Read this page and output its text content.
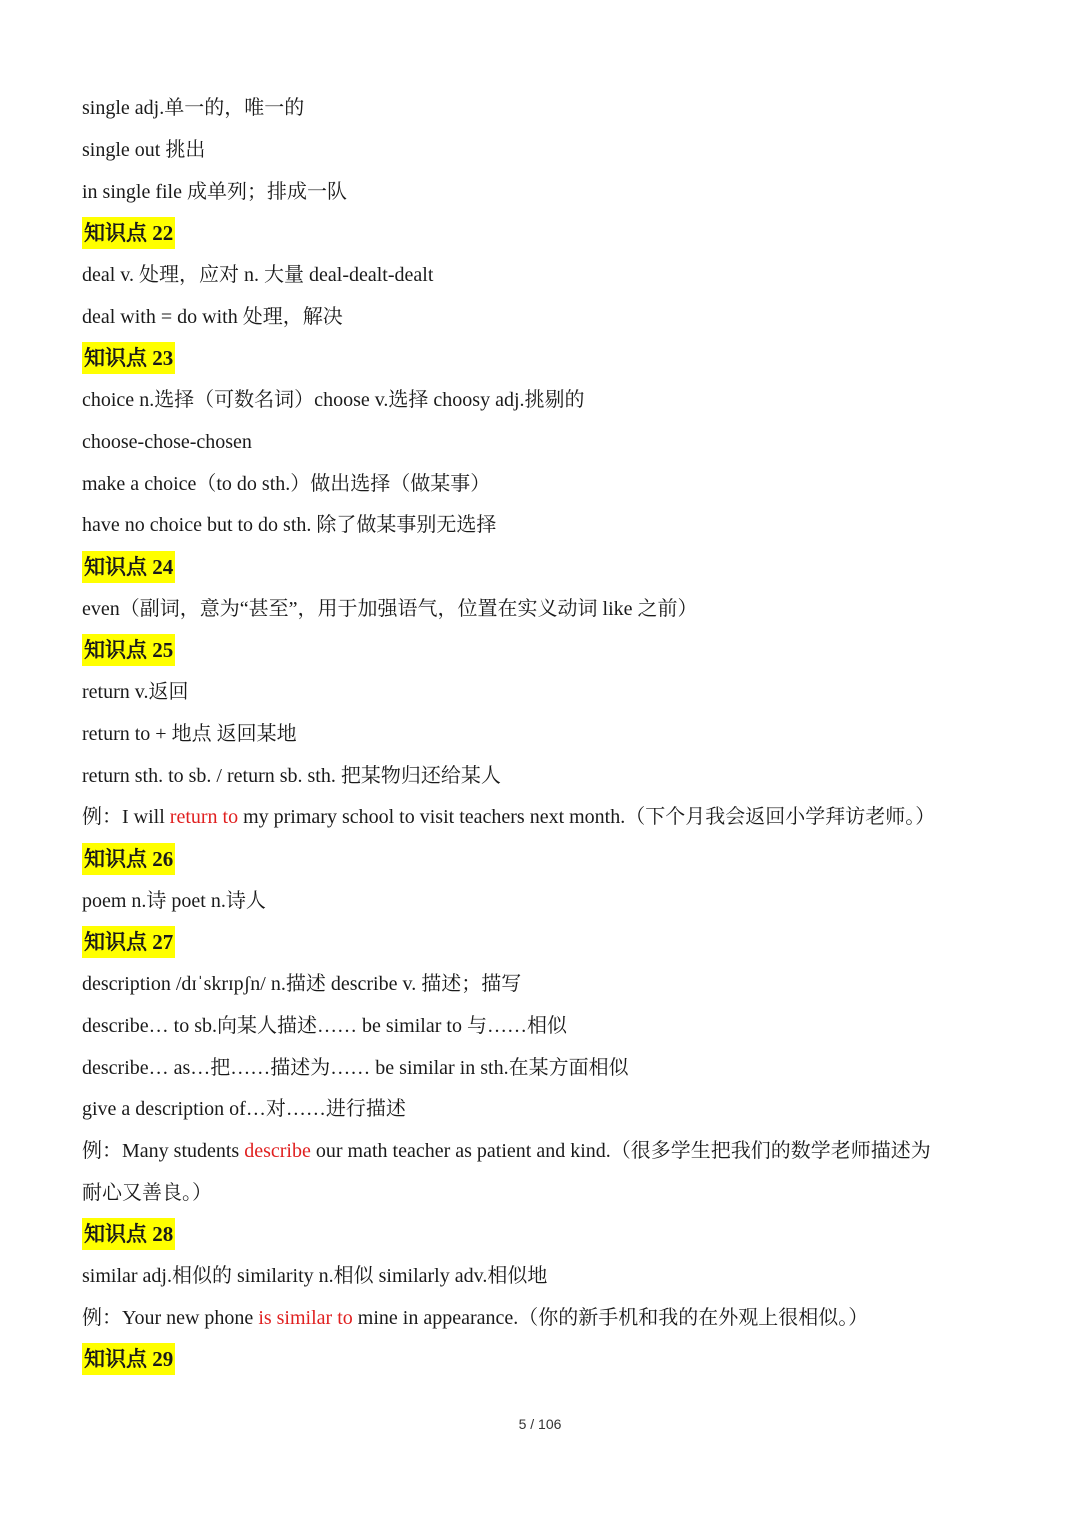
single adj.单一的，唯一的
single out 挑出
in single file 成单列；排成一队
知识点 22
deal v. 处理，应对 n. 大量 deal-dealt-dealt
deal with = do with 处理，解决
知识点 23
choice n.选择（可数名词）choose v.选择 choosy adj.挑剔的
choose-chose-chosen
make a choice（to do sth.）做出选择（做某事）
have no choice but to do sth. 除了做某事别无选择
知识点 24
even（副词，意为“甚至”，用于加强语气，位置在实义动词 like 之前）
知识点 25
return v.返回
return to + 地点 返回某地
return sth. to sb. / return sb. sth. 把某物归还给某人
例：I will return to my primary school to visit teachers next month.（下个月我会返回小学拜访老师。）
知识点 26
poem n.诗 poet n.诗人
知识点 27
description /dɪˈskrɪpʃn/ n.描述 describe v. 描述；描写
describe… to sb.向某人描述…… be similar to 与……相似
describe… as…把……描述为…… be similar in sth.在某方面相似
give a description of…对……进行描述
例：Many students describe our math teacher as patient and kind.（很多学生把我们的数学老师描述为
耐心又善良。）
知识点 28
similar adj.相似的 similarity n.相似 similarly adv.相似地
例：Your new phone is similar to mine in appearance.（你的新手机和我的在外观上很相似。）
知识点 29
5 / 106
